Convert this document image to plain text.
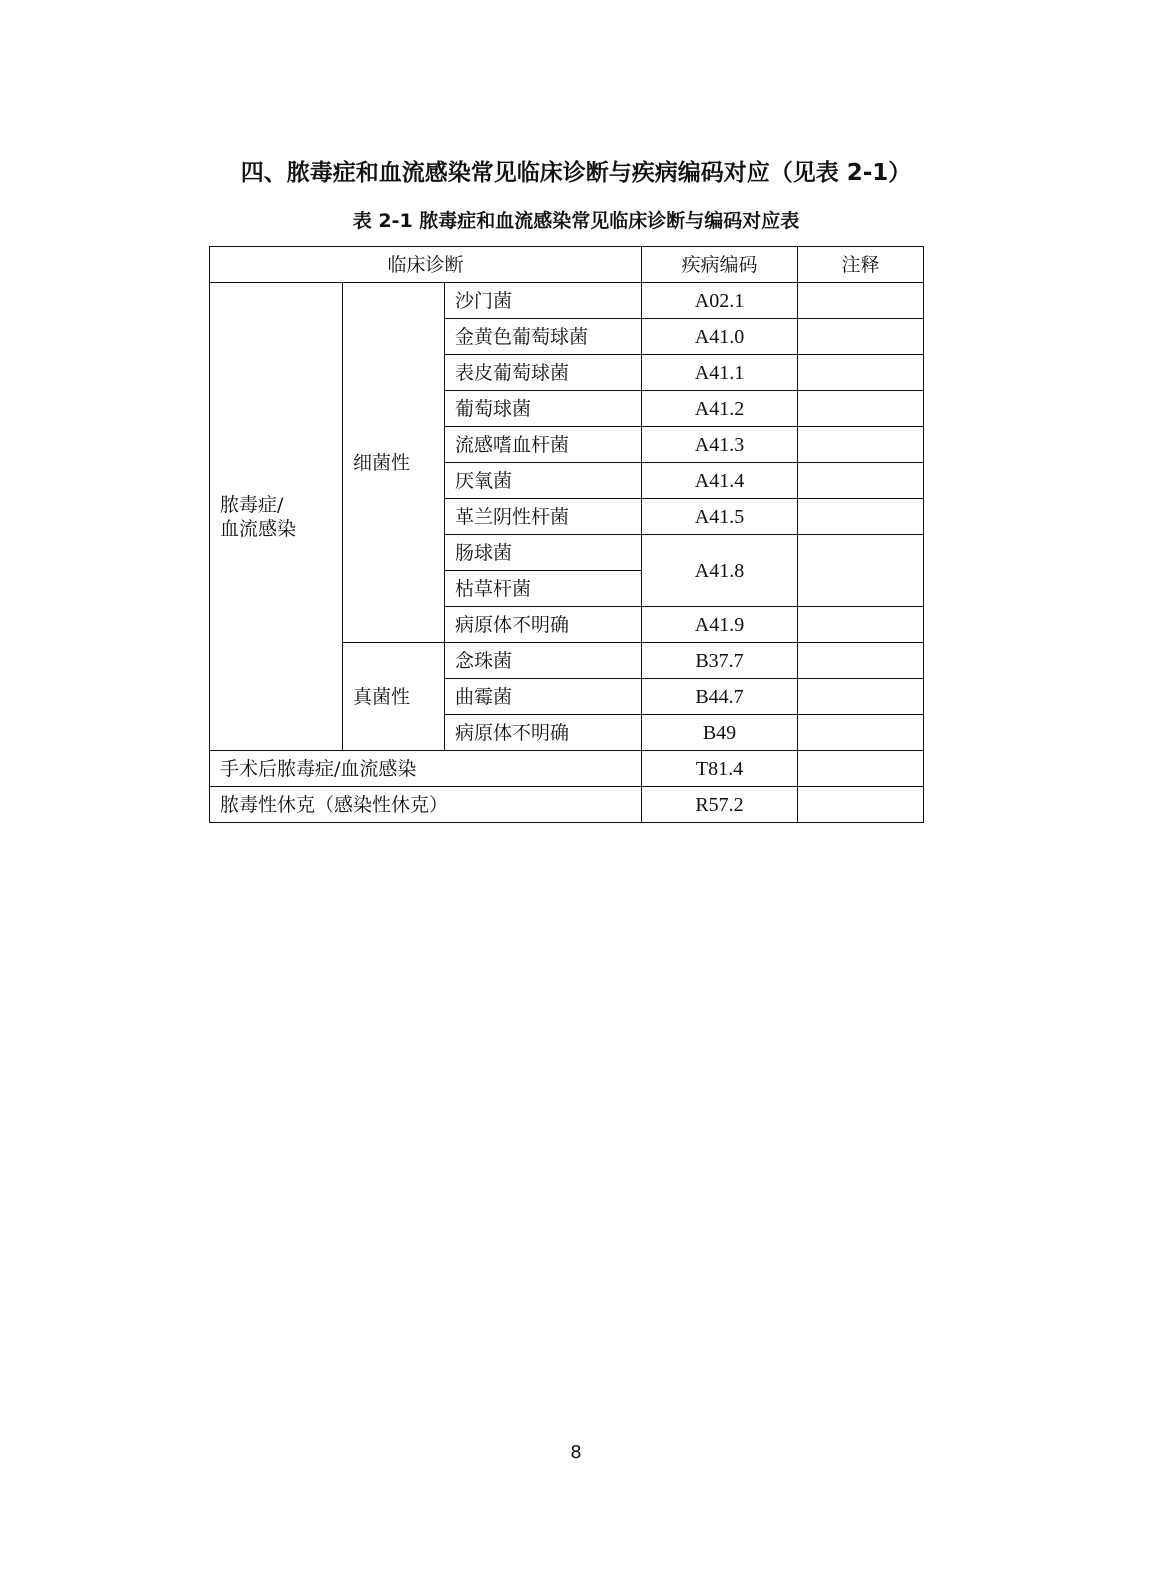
四、脓毒症和血流感染常见临床诊断与疾病编码对应（见表 2-1）
表 2-1 脓毒症和血流感染常见临床诊断与编码对应表
临床诊断			疾病编码	注释

脓毒症/
血流感染	细菌性	沙门菌	A02.1	
		金黄色葡萄球菌	A41.0	
		表皮葡萄球菌	A41.1	
		葡萄球菌	A41.2	
		流感嗜血杆菌	A41.3	
		厌氧菌	A41.4	
		革兰阴性杆菌	A41.5	
		肠球菌	A41.8	
		枯草杆菌		
		病原体不明确	A41.9	
	真菌性	念珠菌	B37.7	
		曲霉菌	B44.7	
		病原体不明确	B49	
手术后脓毒症/血流感染			T81.4	
脓毒性休克（感染性休克）			R57.2	
8
